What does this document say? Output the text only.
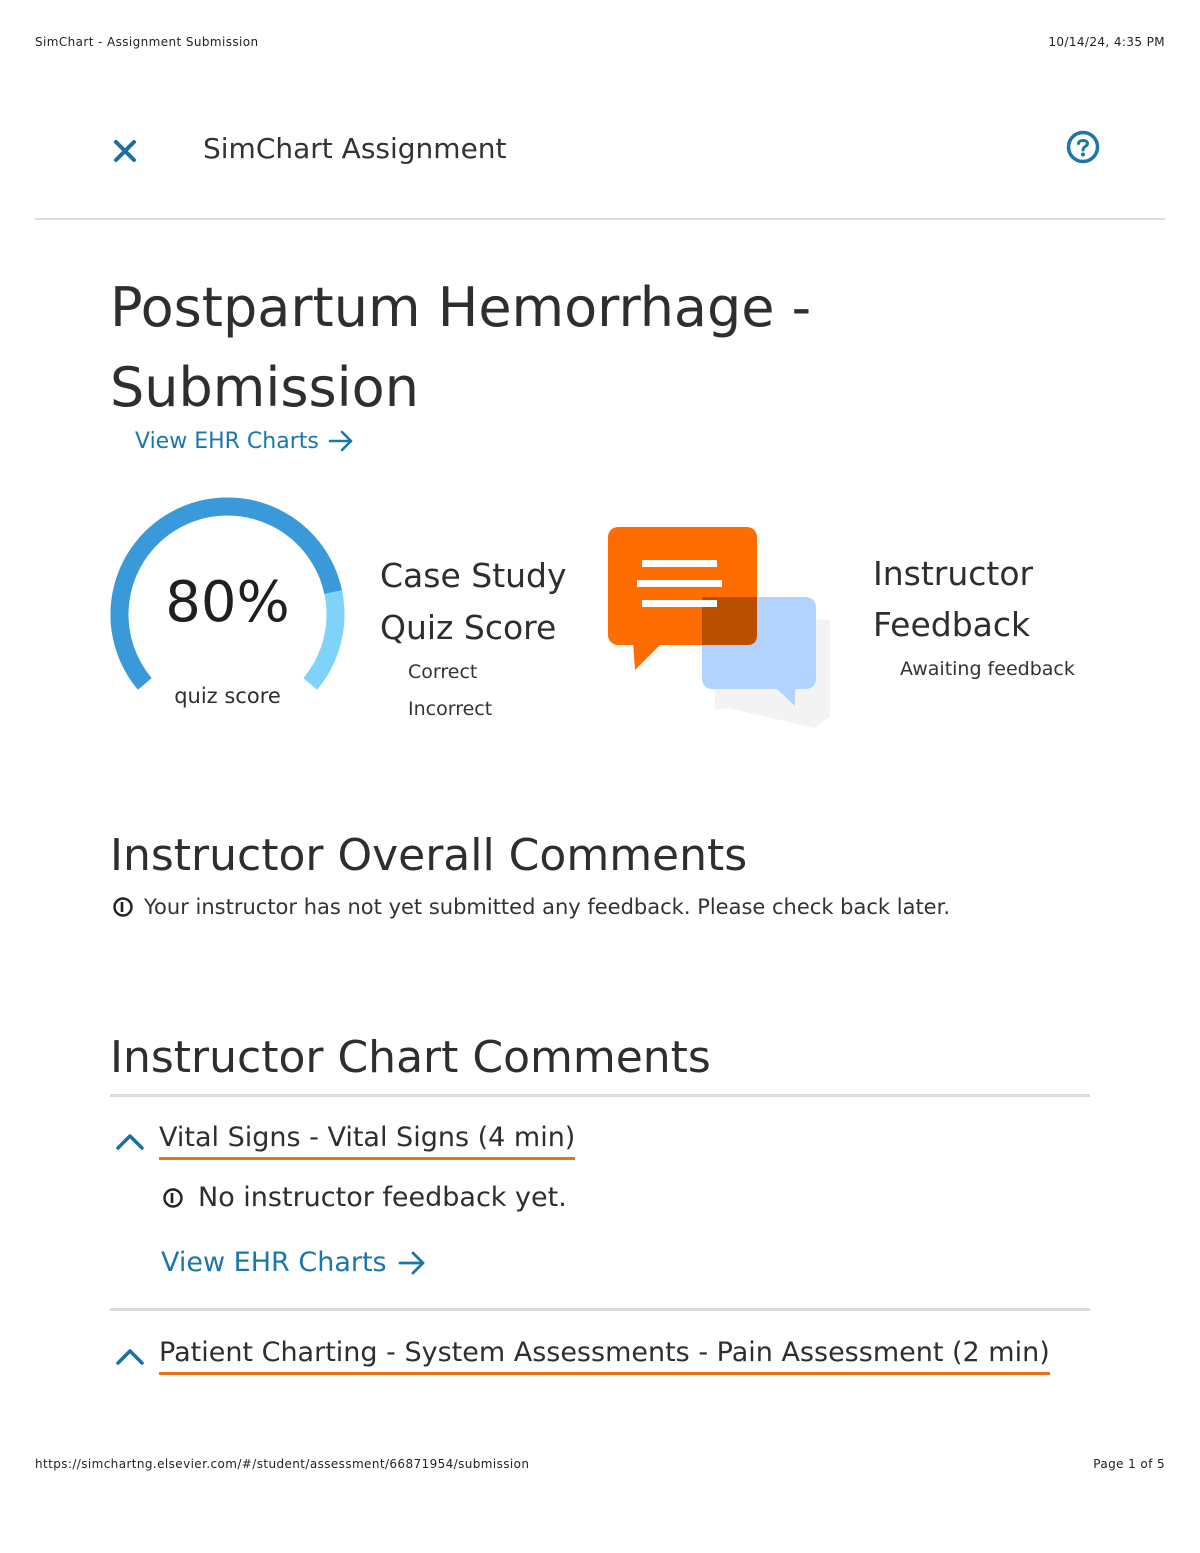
SimChart - Assignment Submission	10/14/24, 4:35 PM
SimChart Assignment
Postpartum Hemorrhage - Submission
View EHR Charts
80%
quiz score
Case Study Quiz Score
Correct
Incorrect
Instructor Feedback
Awaiting feedback
Instructor Overall Comments
Your instructor has not yet submitted any feedback. Please check back later.
Instructor Chart Comments
Vital Signs - Vital Signs (4 min)
No instructor feedback yet.
View EHR Charts
Patient Charting - System Assessments - Pain Assessment (2 min)
https://simchartng.elsevier.com/#/student/assessment/66871954/submission	Page 1 of 5
